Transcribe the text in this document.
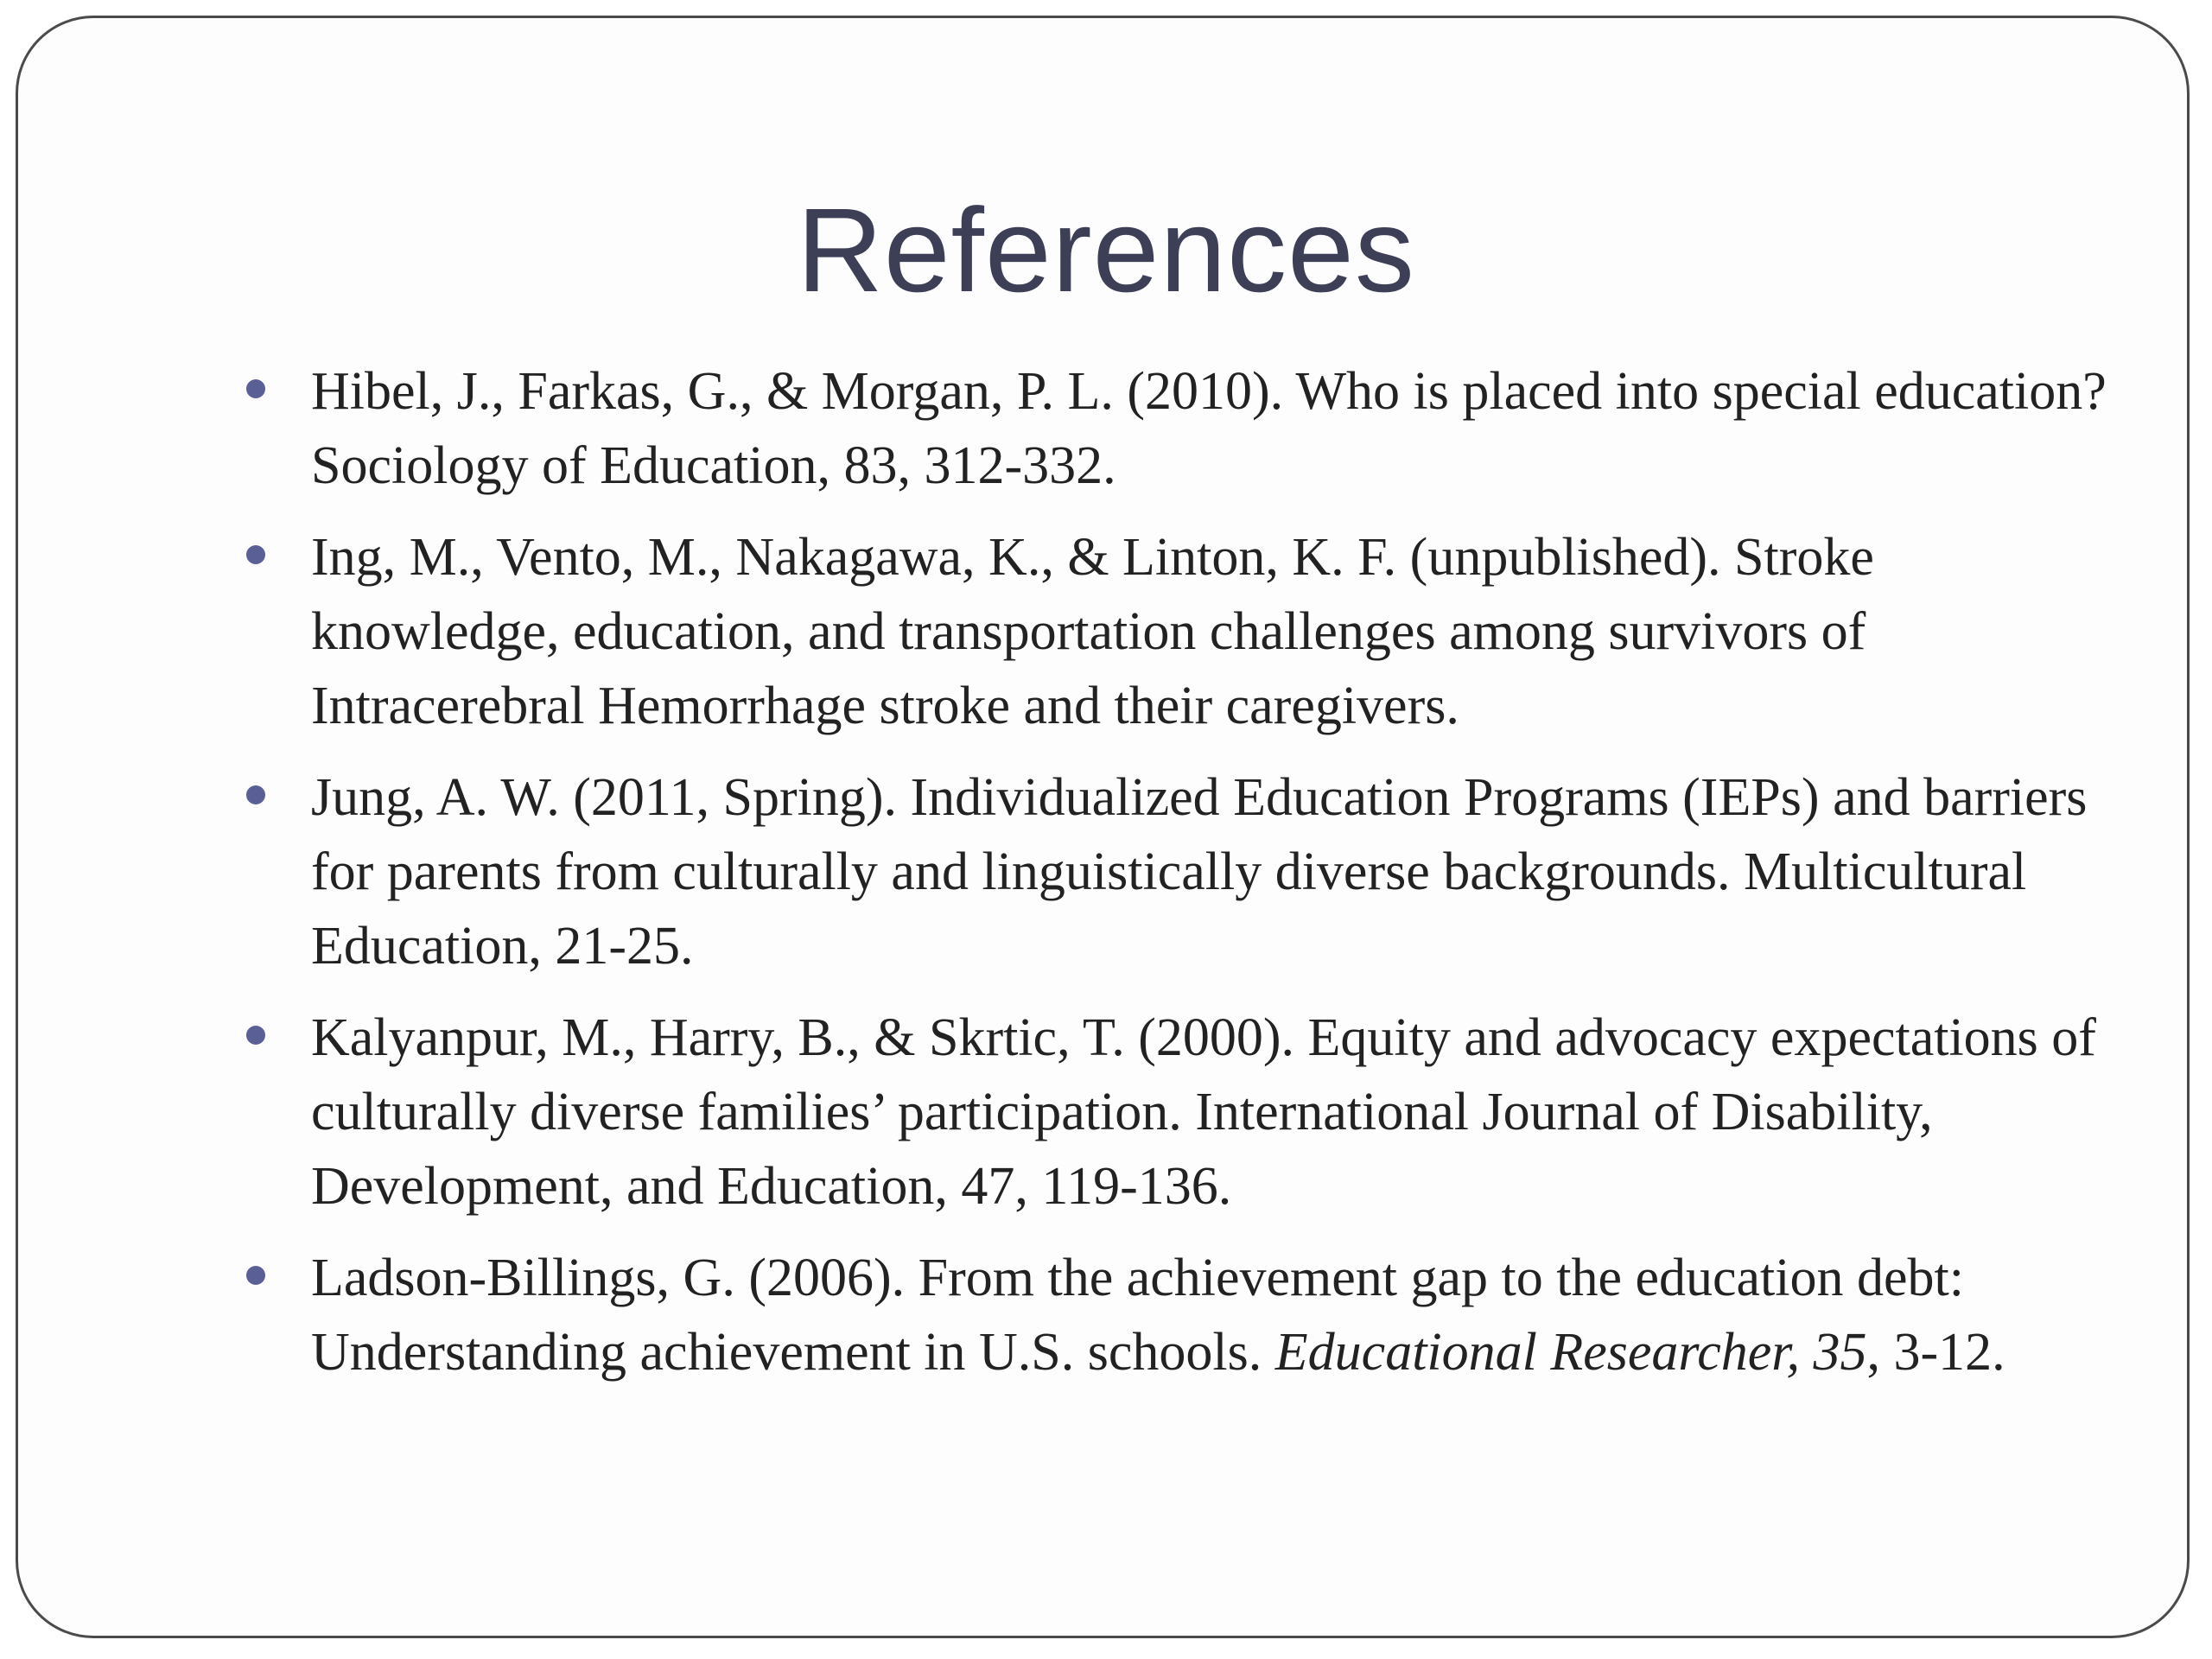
References
Hibel, J., Farkas, G., & Morgan, P. L. (2010). Who is placed into special education? Sociology of Education, 83, 312-332.
Ing, M., Vento, M., Nakagawa, K., & Linton, K. F. (unpublished). Stroke knowledge, education, and transportation challenges among survivors of Intracerebral Hemorrhage stroke and their caregivers.
Jung, A. W. (2011, Spring). Individualized Education Programs (IEPs) and barriers for parents from culturally and linguistically diverse backgrounds. Multicultural Education, 21-25.
Kalyanpur, M., Harry, B., & Skrtic, T. (2000). Equity and advocacy expectations of culturally diverse families’ participation. International Journal of Disability, Development, and Education, 47, 119-136.
Ladson-Billings, G. (2006). From the achievement gap to the education debt: Understanding achievement in U.S. schools. Educational Researcher, 35, 3-12.
